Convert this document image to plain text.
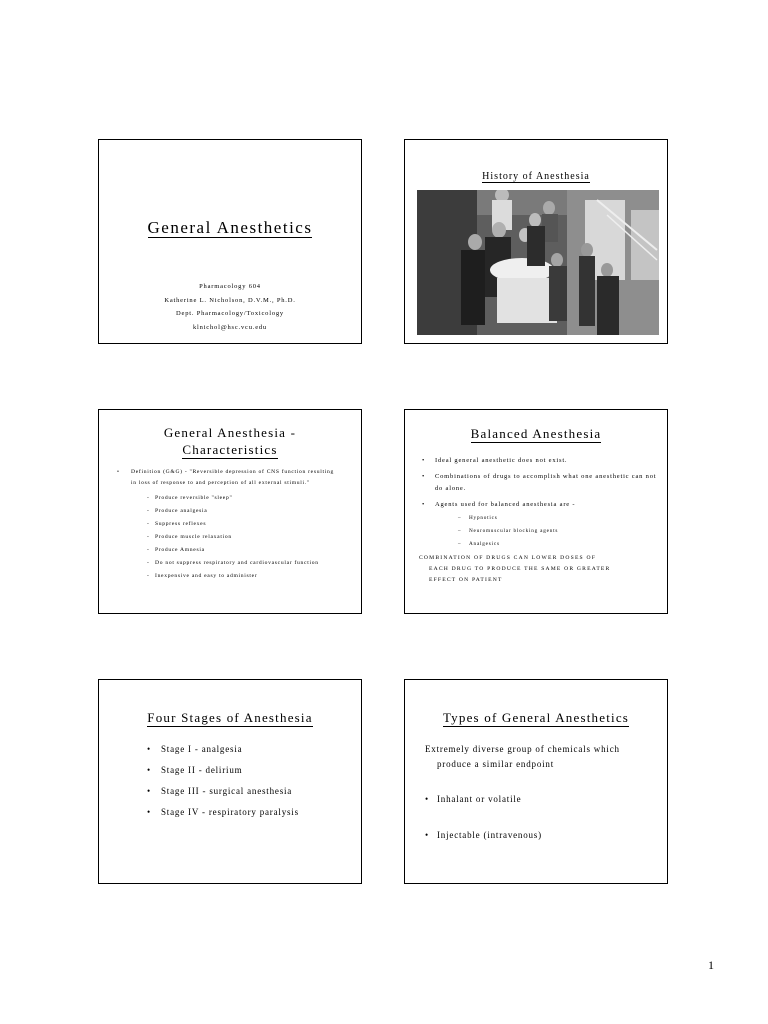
General Anesthetics
Pharmacology 604
Katherine L. Nicholson, D.V.M., Ph.D.
Dept. Pharmacology/Toxicology
klnichol@hsc.vcu.edu
History of Anesthesia
General Anesthesia -
Characteristics
• Definition (G&G) - "Reversible depression of CNS function resulting in loss of response to and perception of all external stimuli."
- Produce reversible "sleep"
- Produce analgesia
- Suppress reflexes
- Produce muscle relaxation
- Produce Amnesia
- Do not suppress respiratory and cardiovascular function
- Inexpensive and easy to administer
Balanced Anesthesia
• Ideal general anesthetic does not exist.
• Combinations of drugs to accomplish what one anesthetic can not do alone.
• Agents used for balanced anesthesia are -
– Hypnotics
– Neuromuscular blocking agents
– Analgesics
COMBINATION OF DRUGS CAN LOWER DOSES OF
EACH DRUG TO PRODUCE THE SAME OR GREATER
EFFECT ON PATIENT
Four Stages of Anesthesia
• Stage I - analgesia
• Stage II - delirium
• Stage III - surgical anesthesia
• Stage IV - respiratory paralysis
Types of General Anesthetics
Extremely diverse group of chemicals which
produce a similar endpoint
• Inhalant or volatile
• Injectable (intravenous)
1
